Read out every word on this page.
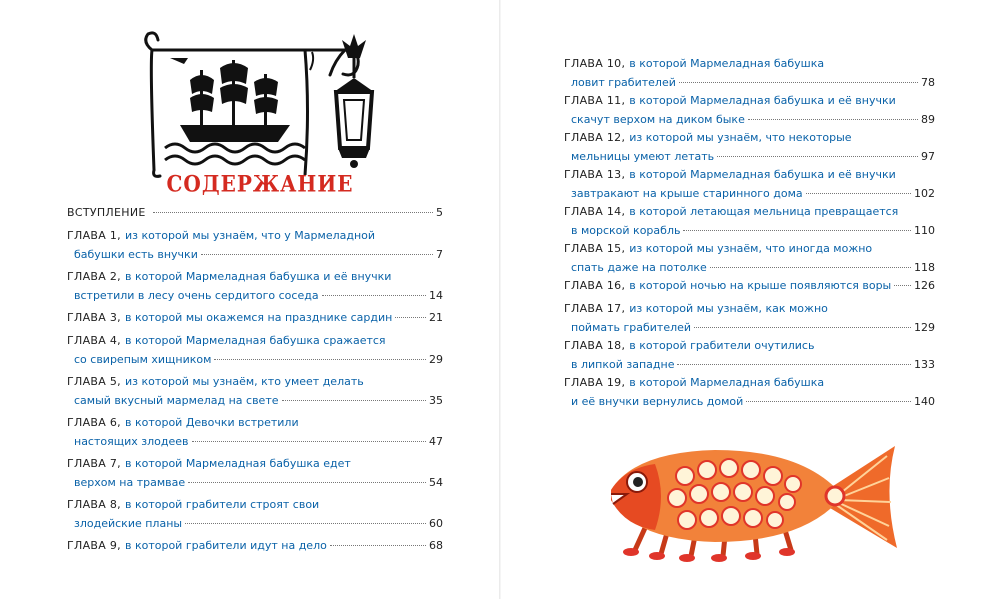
СОДЕРЖАНИЕ
ВСТУПЛЕНИЕ	5
ГЛАВА 1, из которой мы узнаём, что у Мармеладной
бабушки есть внучки	7
ГЛАВА 2, в которой Мармеладная бабушка и её внучки
встретили в лесу очень сердитого соседа	14
ГЛАВА 3, в которой мы окажемся на празднике сардин	21
ГЛАВА 4, в которой Мармеладная бабушка сражается
со свирепым хищником	29
ГЛАВА 5, из которой мы узнаём, кто умеет делать
самый вкусный мармелад на свете	35
ГЛАВА 6, в которой Девочки встретили
настоящих злодеев	47
ГЛАВА 7, в которой Мармеладная бабушка едет
верхом на трамвае	54
ГЛАВА 8, в которой грабители строят свои
злодейские планы	60
ГЛАВА 9, в которой грабители идут на дело	68
ГЛАВА 10, в которой Мармеладная бабушка
ловит грабителей	78
ГЛАВА 11, в которой Мармеладная бабушка и её внучки
скачут верхом на диком быке	89
ГЛАВА 12, из которой мы узнаём, что некоторые
мельницы умеют летать	97
ГЛАВА 13, в которой Мармеладная бабушка и её внучки
завтракают на крыше старинного дома	102
ГЛАВА 14, в которой летающая мельница превращается
в морской корабль	110
ГЛАВА 15, из которой мы узнаём, что иногда можно
спать даже на потолке	118
ГЛАВА 16, в которой ночью на крыше появляются воры 126
ГЛАВА 17, из которой мы узнаём, как можно
поймать грабителей	129
ГЛАВА 18, в которой грабители очутились
в липкой западне	133
ГЛАВА 19, в которой Мармеладная бабушка
и её внучки вернулись домой	140
